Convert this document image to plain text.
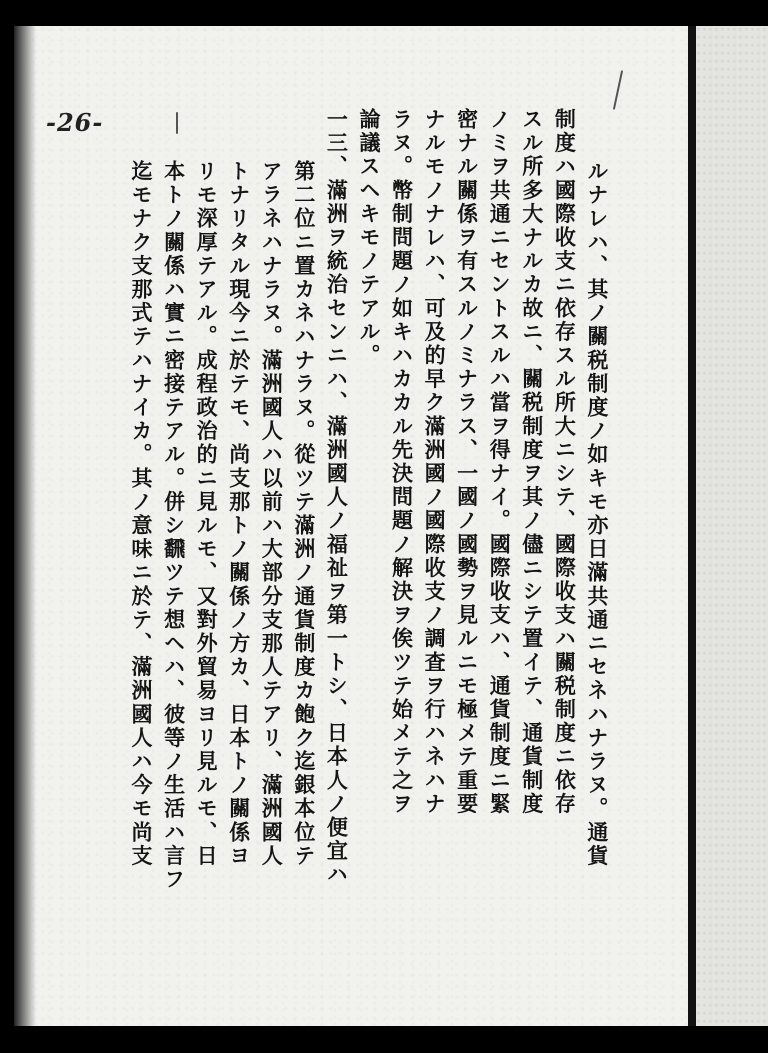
-26-
ルナレハ、其ノ關税制度ノ如キモ亦日滿共通ニセネハナラヌ。通貨
制度ハ國際收支ニ依存スル所大ニシテ、國際收支ハ關税制度ニ依存
スル所多大ナルカ故ニ、關税制度ヲ其ノ儘ニシテ置イテ、通貨制度
ノミヲ共通ニセントスルハ當ヲ得ナイ。國際收支ハ、通貨制度ニ緊
密ナル關係ヲ有スルノミナラス、一國ノ國勢ヲ見ルニモ極メテ重要
ナルモノナレハ、可及的早ク滿洲國ノ國際收支ノ調査ヲ行ハネハナ
ラヌ。幣制問題ノ如キハカカル先決問題ノ解決ヲ俟ツテ始メテ之ヲ
論議スヘキモノテアル。
一三、滿洲ヲ統治センニハ、滿洲國人ノ福祉ヲ第一トシ、日本人ノ便宜ハ
第二位ニ置カネハナラヌ。從ツテ滿洲ノ通貨制度カ飽ク迄銀本位テ
アラネハナラヌ。滿洲國人ハ以前ハ大部分支那人テアリ、滿洲國人
トナリタル現今ニ於テモ、尚支那トノ關係ノ方カ、日本トノ關係ヨ
リモ深厚テアル。成程政治的ニ見ルモ、又對外貿易ヨリ見ルモ、日
本トノ關係ハ實ニ密接テアル。併シ飜ツテ想ヘハ、彼等ノ生活ハ言フ
迄モナク支那式テハナイカ。其ノ意味ニ於テ、滿洲國人ハ今モ尚支
